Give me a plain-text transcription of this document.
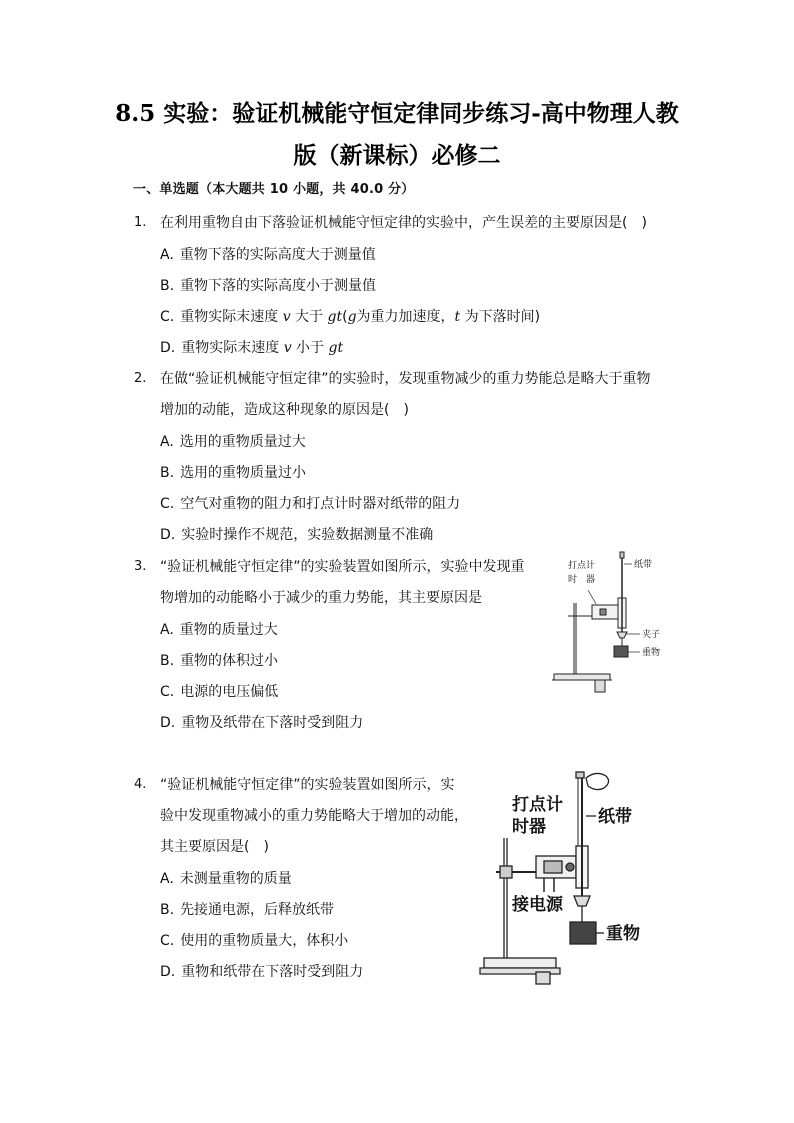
8.5 实验：验证机械能守恒定律同步练习-高中物理人教
版（新课标）必修二
一、单选题（本大题共 10 小题，共 40.0 分）
1. 在利用重物自由下落验证机械能守恒定律的实验中，产生误差的主要原因是(　)
A. 重物下落的实际高度大于测量值
B. 重物下落的实际高度小于测量值
C. 重物实际末速度 v 大于 gt(g为重力加速度，t 为下落时间)
D. 重物实际末速度 v 小于 gt
2. 在做“验证机械能守恒定律”的实验时，发现重物减少的重力势能总是略大于重物
增加的动能，造成这种现象的原因是(　)
A. 选用的重物质量过大
B. 选用的重物质量过小
C. 空气对重物的阻力和打点计时器对纸带的阻力
D. 实验时操作不规范，实验数据测量不准确
3. “验证机械能守恒定律”的实验装置如图所示，实验中发现重
物增加的动能略小于减少的重力势能，其主要原因是
A. 重物的质量过大
B. 重物的体积过小
C. 电源的电压偏低
D. 重物及纸带在下落时受到阻力
打点计
时　器
纸带
夹子
重物
4. “验证机械能守恒定律”的实验装置如图所示，实
验中发现重物减小的重力势能略大于增加的动能，
其主要原因是(　)
A. 未测量重物的质量
B. 先接通电源，后释放纸带
C. 使用的重物质量大，体积小
D. 重物和纸带在下落时受到阻力
打点计
时器	纸带
接电源
重物
